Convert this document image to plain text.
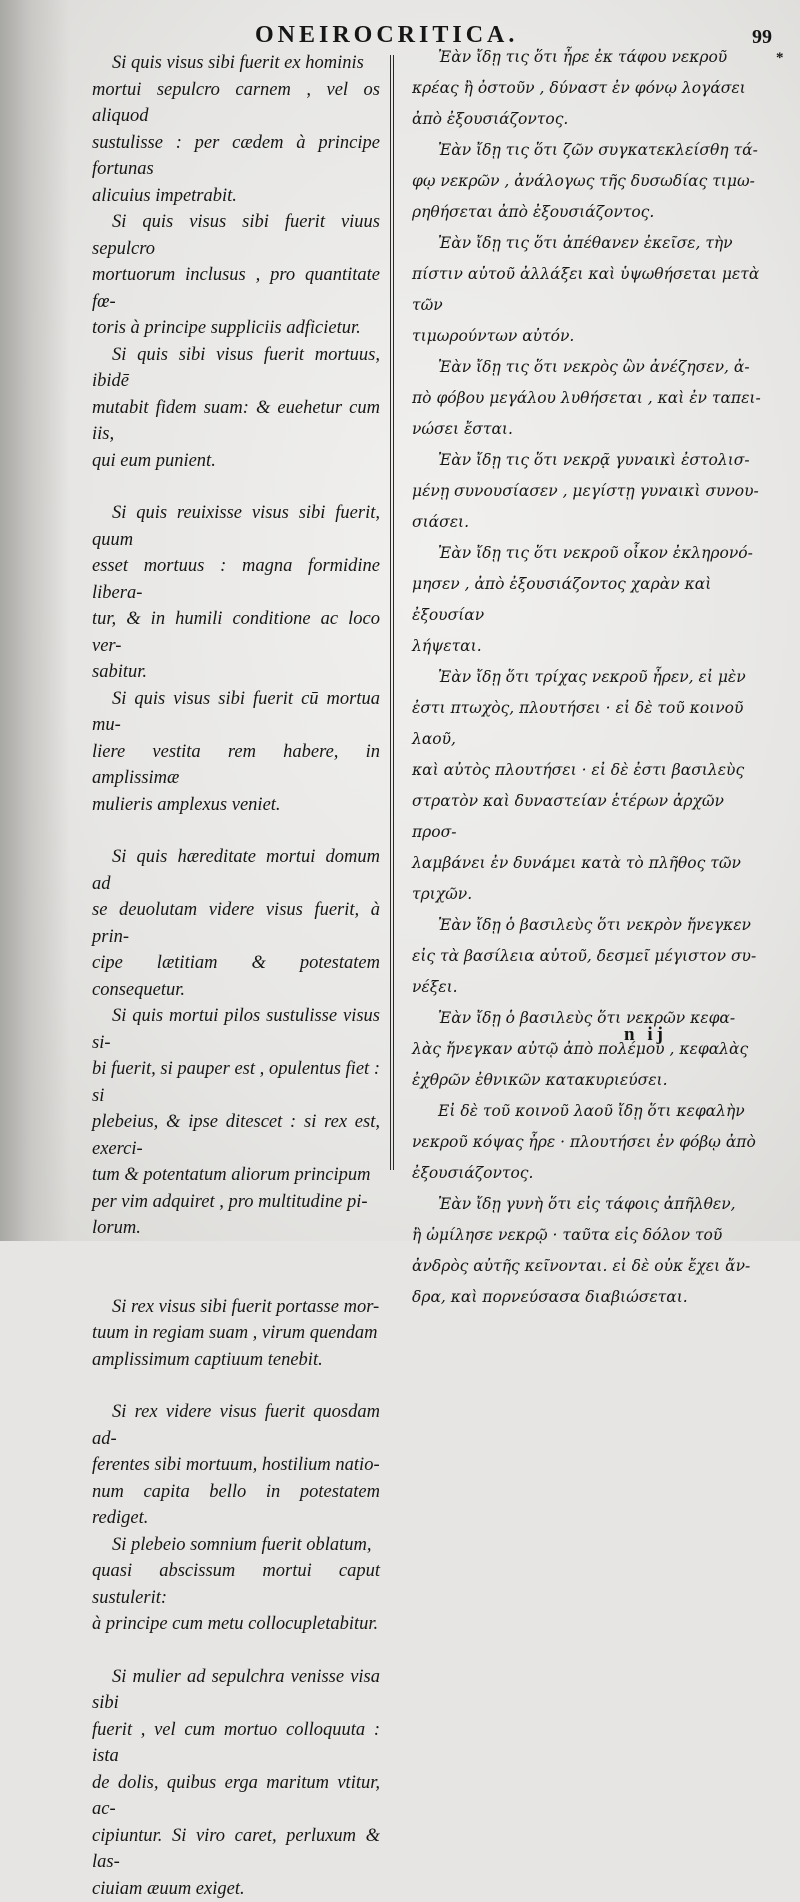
ONEIROCRITICA.	99
*

Si quis visus sibi fuerit ex hominis
mortui sepulcro carnem , vel os aliquod
sustulisse : per cædem à principe fortunas
alicuius impetrabit.

Si quis visus sibi fuerit viuus sepulcro
mortuorum inclusus , pro quantitate fœ-
toris à principe suppliciis adficietur.

Si quis sibi visus fuerit mortuus, ibidē
mutabit fidem suam: & euehetur cum iis,
qui eum punient.

Si quis reuixisse visus sibi fuerit, quum
esset mortuus : magna formidine libera-
tur, & in humili conditione ac loco ver-
sabitur.

Si quis visus sibi fuerit cū mortua mu-
liere vestita rem habere, in amplissimæ
mulieris amplexus veniet.

Si quis hæreditate mortui domum ad
se deuolutam videre visus fuerit, à prin-
cipe lætitiam & potestatem consequetur.

Si quis mortui pilos sustulisse visus si-
bi fuerit, si pauper est , opulentus fiet : si
plebeius, & ipse ditescet : si rex est, exerci-
tum & potentatum aliorum principum
per vim adquiret , pro multitudine pi-
lorum.

Si rex visus sibi fuerit portasse mor-
tuum in regiam suam , virum quendam
amplissimum captiuum tenebit.

Si rex videre visus fuerit quosdam ad-
ferentes sibi mortuum, hostilium natio-
num capita bello in potestatem rediget.

Si plebeio somnium fuerit oblatum,
quasi abscissum mortui caput sustulerit:
à principe cum metu collocupletabitur.

Si mulier ad sepulchra venisse visa sibi
fuerit , vel cum mortuo colloquuta : ista
de dolis, quibus erga maritum vtitur, ac-
cipiuntur. Si viro caret, perluxum & las-
ciuiam æuum exiget.

Ἐὰν ἴδῃ τις ὅτι ἦρε ἐκ τάφου νεκροῦ
κρέας ἢ ὀστοῦν , δύναστ ἐν φόνῳ λογάσει
ἀπὸ ἐξουσιάζοντος.

Ἐὰν ἴδῃ τις ὅτι ζῶν συγκατεκλείσθη τά-
φῳ νεκρῶν , ἀνάλογως τῆς δυσωδίας τιμω-
ρηθήσεται ἀπὸ ἐξουσιάζοντος.

Ἐὰν ἴδῃ τις ὅτι ἀπέθανεν ἐκεῖσε, τὴν
πίστιν αὐτοῦ ἀλλάξει καὶ ὑψωθήσεται μετὰ τῶν
τιμωρούντων αὐτόν.

Ἐὰν ἴδῃ τις ὅτι νεκρὸς ὢν ἀνέζησεν, ἀ-
πὸ φόβου μεγάλου λυθήσεται , καὶ ἐν ταπει-
νώσει ἔσται.

Ἐὰν ἴδῃ τις ὅτι νεκρᾷ γυναικὶ ἐστολισ-
μένῃ συνουσίασεν , μεγίστῃ γυναικὶ συνου-
σιάσει.

Ἐὰν ἴδῃ τις ὅτι νεκροῦ οἶκον ἐκληρονό-
μησεν , ἀπὸ ἐξουσιάζοντος χαρὰν καὶ ἐξουσίαν
λήψεται.

Ἐὰν ἴδῃ ὅτι τρίχας νεκροῦ ἦρεν, εἰ μὲν
ἐστι πτωχὸς, πλουτήσει · εἰ δὲ τοῦ κοινοῦ λαοῦ,
καὶ αὐτὸς πλουτήσει · εἰ δὲ ἐστι βασιλεὺς
στρατὸν καὶ δυναστείαν ἑτέρων ἀρχῶν προσ-
λαμβάνει ἐν δυνάμει κατὰ τὸ πλῆθος τῶν
τριχῶν.

Ἐὰν ἴδῃ ὁ βασιλεὺς ὅτι νεκρὸν ἤνεγκεν
εἰς τὰ βασίλεια αὐτοῦ, δεσμεῖ μέγιστον συ-
νέξει.

Ἐὰν ἴδῃ ὁ βασιλεὺς ὅτι νεκρῶν κεφα-
λὰς ἤνεγκαν αὐτῷ ἀπὸ πολέμου , κεφαλὰς
ἐχθρῶν ἐθνικῶν κατακυριεύσει.

Εἰ δὲ τοῦ κοινοῦ λαοῦ ἴδῃ ὅτι κεφαλὴν
νεκροῦ κόψας ἦρε · πλουτήσει ἐν φόβῳ ἀπὸ
ἐξουσιάζοντος.

Ἐὰν ἴδῃ γυνὴ ὅτι εἰς τάφοις ἀπῆλθεν,
ἢ ὡμίλησε νεκρῷ · ταῦτα εἰς δόλον τοῦ
ἀνδρὸς αὐτῆς κεῖνονται. εἰ δὲ οὐκ ἔχει ἄν-
δρα, καὶ πορνεύσασα διαβιώσεται.

n ij
